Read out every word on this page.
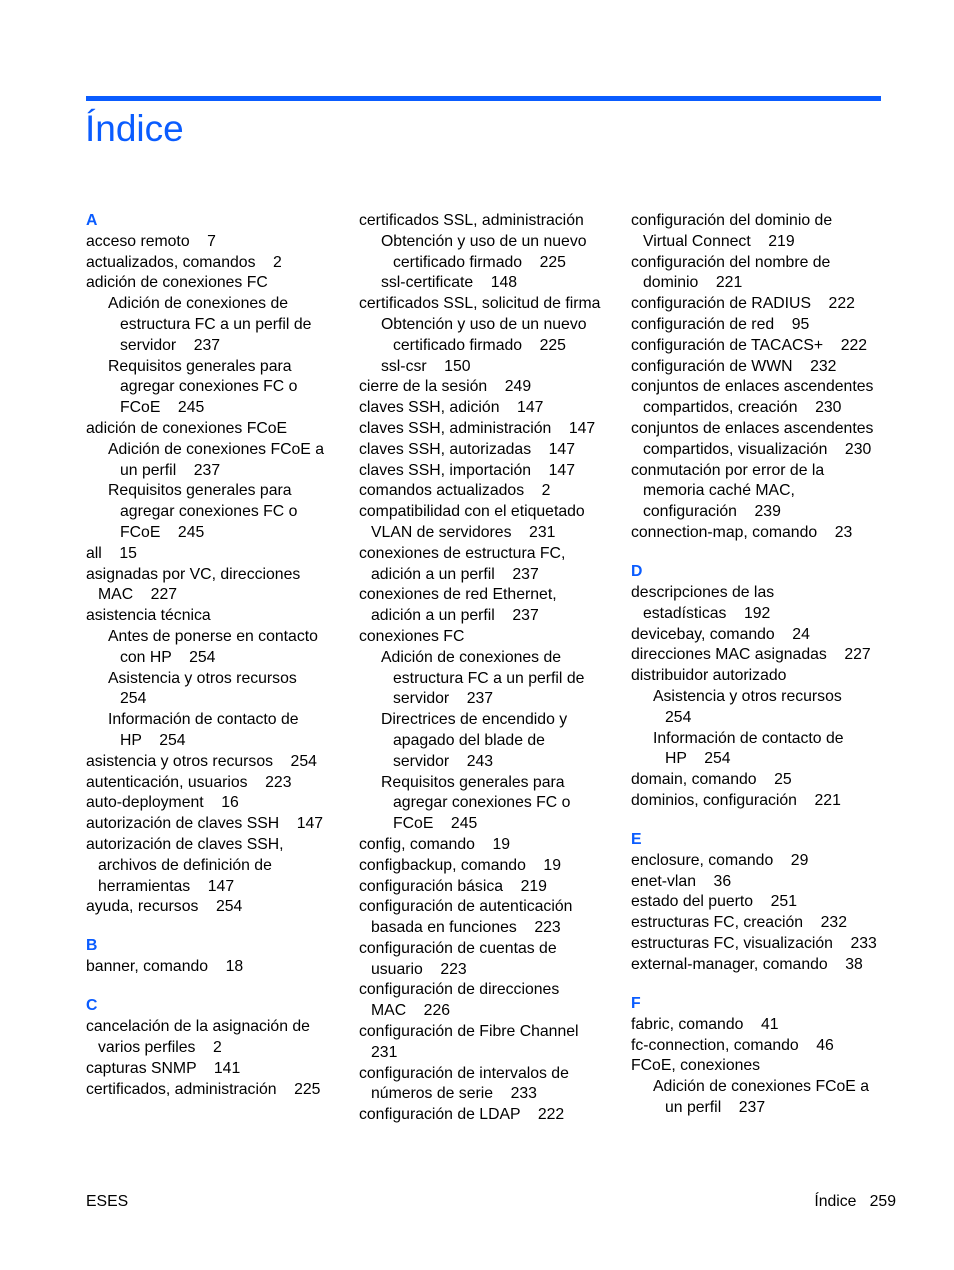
Índice
A
acceso remoto    7
actualizados, comandos    2
adición de conexiones FC
Adición de conexiones de
estructura FC a un perfil de
servidor    237
Requisitos generales para
agregar conexiones FC o
FCoE    245
adición de conexiones FCoE
Adición de conexiones FCoE a
un perfil    237
Requisitos generales para
agregar conexiones FC o
FCoE    245
all    15
asignadas por VC, direcciones
MAC    227
asistencia técnica
Antes de ponerse en contacto
con HP    254
Asistencia y otros recursos
254
Información de contacto de
HP    254
asistencia y otros recursos    254
autenticación, usuarios    223
auto-deployment    16
autorización de claves SSH    147
autorización de claves SSH,
archivos de definición de
herramientas    147
ayuda, recursos    254
B
banner, comando    18
C
cancelación de la asignación de
varios perfiles    2
capturas SNMP    141
certificados, administración    225
certificados SSL, administración
Obtención y uso de un nuevo
certificado firmado    225
ssl-certificate    148
certificados SSL, solicitud de firma
Obtención y uso de un nuevo
certificado firmado    225
ssl-csr    150
cierre de la sesión    249
claves SSH, adición    147
claves SSH, administración    147
claves SSH, autorizadas    147
claves SSH, importación    147
comandos actualizados    2
compatibilidad con el etiquetado
VLAN de servidores    231
conexiones de estructura FC,
adición a un perfil    237
conexiones de red Ethernet,
adición a un perfil    237
conexiones FC
Adición de conexiones de
estructura FC a un perfil de
servidor    237
Directrices de encendido y
apagado del blade de
servidor    243
Requisitos generales para
agregar conexiones FC o
FCoE    245
config, comando    19
configbackup, comando    19
configuración básica    219
configuración de autenticación
basada en funciones    223
configuración de cuentas de
usuario    223
configuración de direcciones
MAC    226
configuración de Fibre Channel
231
configuración de intervalos de
números de serie    233
configuración de LDAP    222
configuración del dominio de
Virtual Connect    219
configuración del nombre de
dominio    221
configuración de RADIUS    222
configuración de red    95
configuración de TACACS+    222
configuración de WWN    232
conjuntos de enlaces ascendentes
compartidos, creación    230
conjuntos de enlaces ascendentes
compartidos, visualización    230
conmutación por error de la
memoria caché MAC,
configuración    239
connection-map, comando    23
D
descripciones de las
estadísticas    192
devicebay, comando    24
direcciones MAC asignadas    227
distribuidor autorizado
Asistencia y otros recursos
254
Información de contacto de
HP    254
domain, comando    25
dominios, configuración    221
E
enclosure, comando    29
enet-vlan    36
estado del puerto    251
estructuras FC, creación    232
estructuras FC, visualización    233
external-manager, comando    38
F
fabric, comando    41
fc-connection, comando    46
FCoE, conexiones
Adición de conexiones FCoE a
un perfil    237
ESES	Índice   259
